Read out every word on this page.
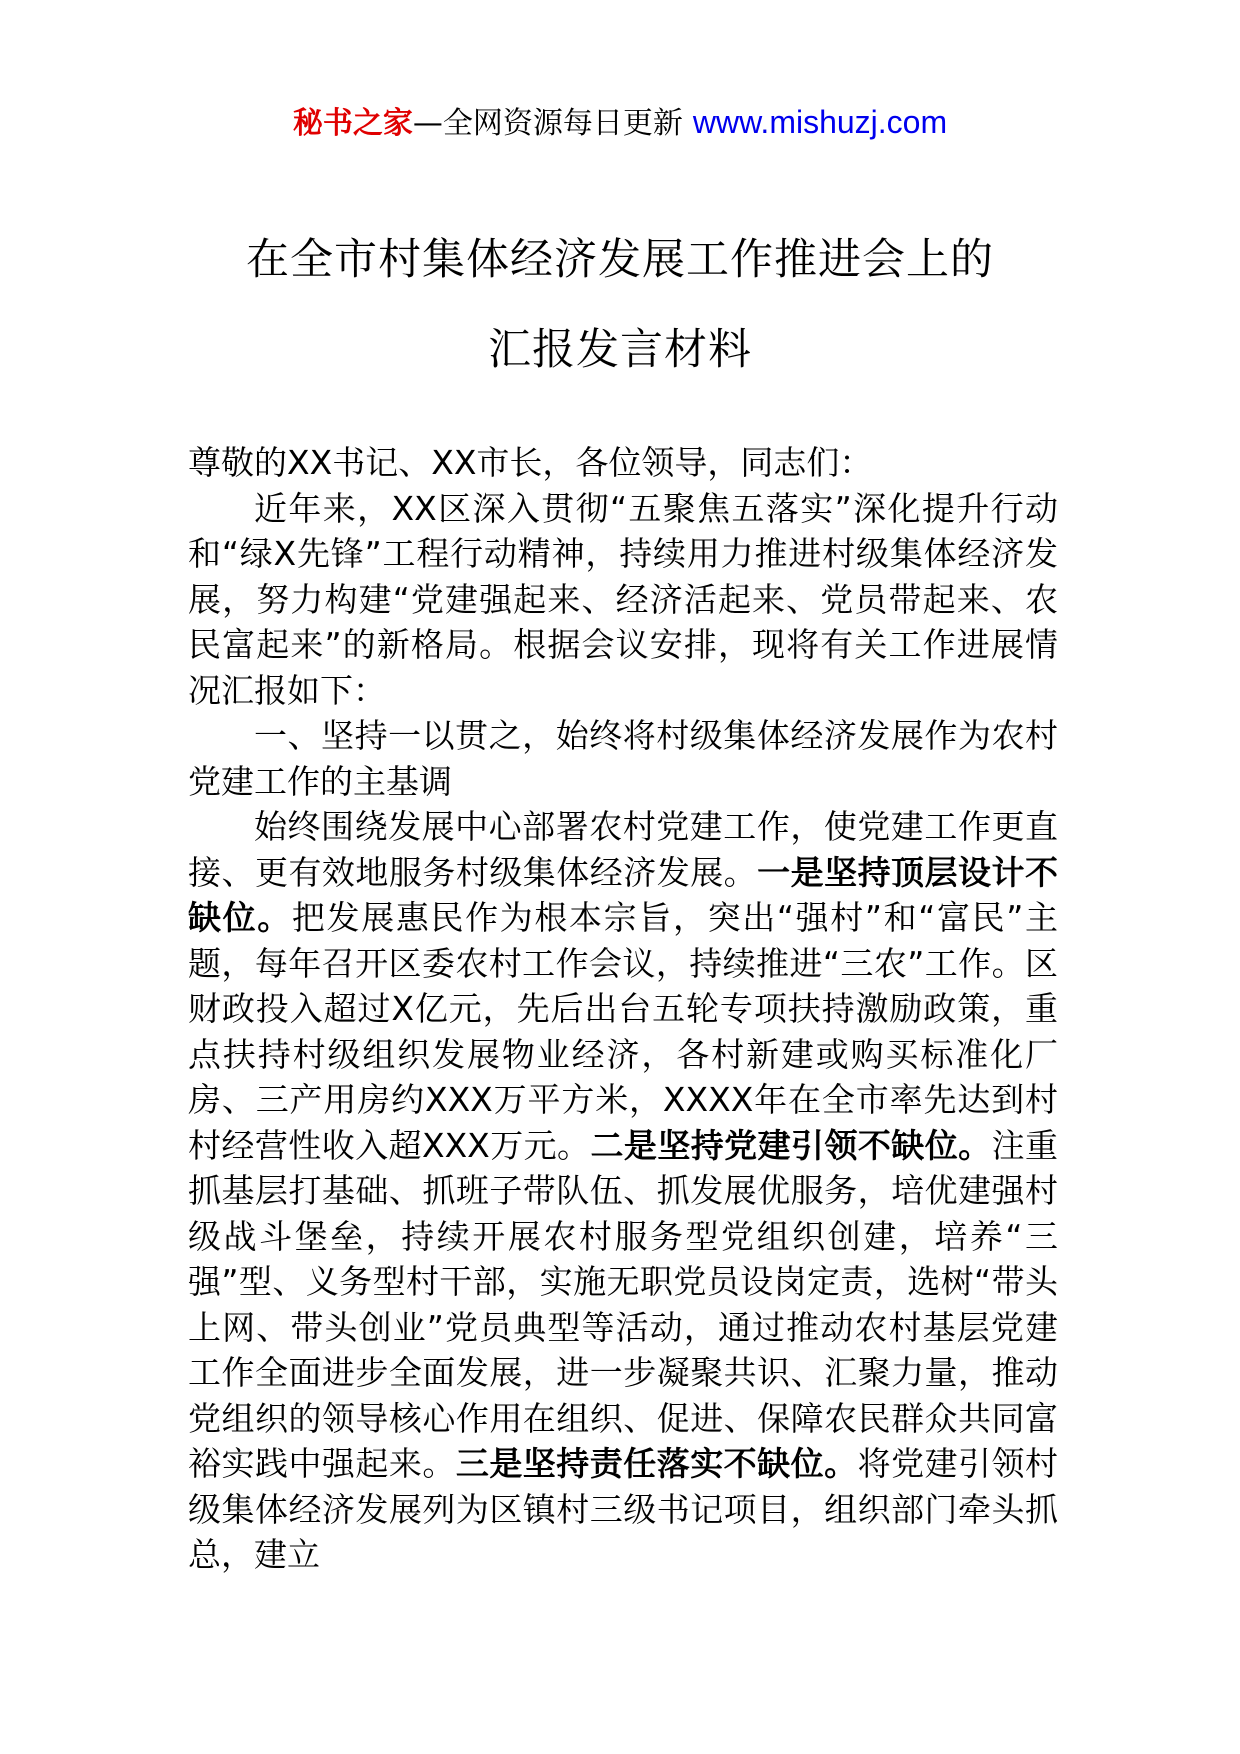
秘书之家—全网资源每日更新 www.mishuzj.com
在全市村集体经济发展工作推进会上的
汇报发言材料

尊敬的XX书记、XX市长，各位领导，同志们：

近年来，XX区深入贯彻“五聚焦五落实”深化提升行动和“绿X先锋”工程行动精神，持续用力推进村级集体经济发展，努力构建“党建强起来、经济活起来、党员带起来、农民富起来”的新格局。根据会议安排，现将有关工作进展情况汇报如下：

一、坚持一以贯之，始终将村级集体经济发展作为农村党建工作的主基调

始终围绕发展中心部署农村党建工作，使党建工作更直接、更有效地服务村级集体经济发展。一是坚持顶层设计不缺位。把发展惠民作为根本宗旨，突出“强村”和“富民”主题，每年召开区委农村工作会议，持续推进“三农”工作。区财政投入超过X亿元，先后出台五轮专项扶持激励政策，重点扶持村级组织发展物业经济，各村新建或购买标准化厂房、三产用房约XXX万平方米，XXXX年在全市率先达到村村经营性收入超XXX万元。二是坚持党建引领不缺位。注重抓基层打基础、抓班子带队伍、抓发展优服务，培优建强村级战斗堡垒，持续开展农村服务型党组织创建，培养“三强”型、义务型村干部，实施无职党员设岗定责，选树“带头上网、带头创业”党员典型等活动，通过推动农村基层党建工作全面进步全面发展，进一步凝聚共识、汇聚力量，推动党组织的领导核心作用在组织、促进、保障农民群众共同富裕实践中强起来。三是坚持责任落实不缺位。将党建引领村级集体经济发展列为区镇村三级书记项目，组织部门牵头抓总，建立
